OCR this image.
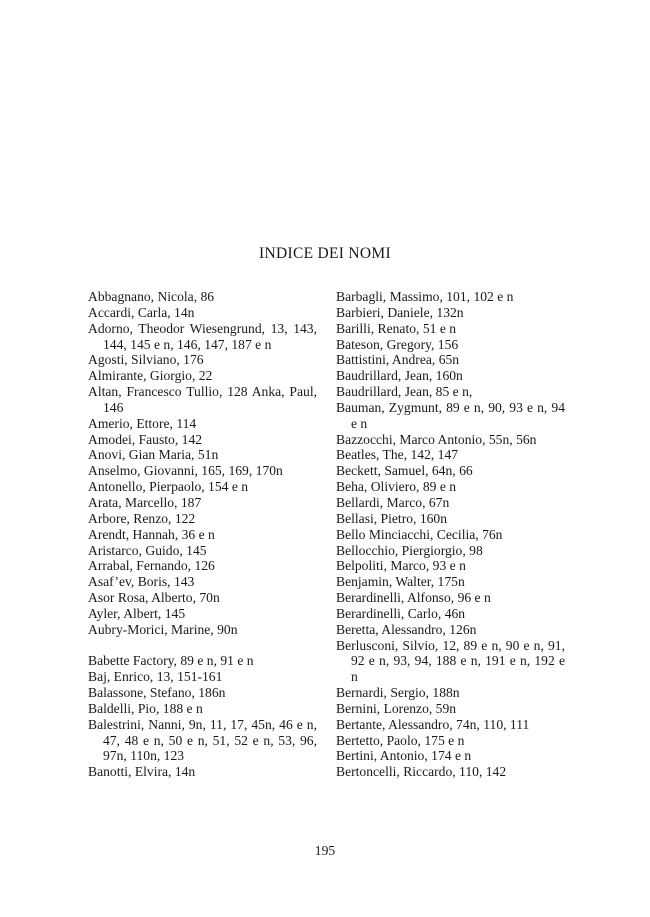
INDICE DEI NOMI
Abbagnano, Nicola, 86
Accardi, Carla, 14n
Adorno, Theodor Wiesengrund, 13, 143, 144, 145 e n, 146, 147, 187 e n
Agosti, Silviano, 176
Almirante, Giorgio, 22
Altan, Francesco Tullio, 128 Anka, Paul, 146
Amerio, Ettore, 114
Amodei, Fausto, 142
Anovi, Gian Maria, 51n
Anselmo, Giovanni, 165, 169, 170n
Antonello, Pierpaolo, 154 e n
Arata, Marcello, 187
Arbore, Renzo, 122
Arendt, Hannah, 36 e n
Aristarco, Guido, 145
Arrabal, Fernando, 126
Asaf’ev, Boris, 143
Asor Rosa, Alberto, 70n
Ayler, Albert, 145
Aubry-Morici, Marine, 90n
Babette Factory, 89 e n, 91 e n
Baj, Enrico, 13, 151-161
Balassone, Stefano, 186n
Baldelli, Pio, 188 e n
Balestrini, Nanni, 9n, 11, 17, 45n, 46 e n, 47, 48 e n, 50 e n, 51, 52 e n, 53, 96, 97n, 110n, 123
Banotti, Elvira, 14n
Barbagli, Massimo, 101, 102 e n
Barbieri, Daniele, 132n
Barilli, Renato, 51 e n
Bateson, Gregory, 156
Battistini, Andrea, 65n
Baudrillard, Jean, 160n
Baudrillard, Jean, 85 e n,
Bauman, Zygmunt, 89 e n, 90, 93 e n, 94 e n
Bazzocchi, Marco Antonio, 55n, 56n
Beatles, The, 142, 147
Beckett, Samuel, 64n, 66
Beha, Oliviero, 89 e n
Bellardi, Marco, 67n
Bellasi, Pietro, 160n
Bello Minciacchi, Cecilia, 76n
Bellocchio, Piergiorgio, 98
Belpoliti, Marco, 93 e n
Benjamin, Walter, 175n
Berardinelli, Alfonso, 96 e n
Berardinelli, Carlo, 46n
Beretta, Alessandro, 126n
Berlusconi, Silvio, 12, 89 e n, 90 e n, 91, 92 e n, 93, 94, 188 e n, 191 e n, 192 e n
Bernardi, Sergio, 188n
Bernini, Lorenzo, 59n
Bertante, Alessandro, 74n, 110, 111
Bertetto, Paolo, 175 e n
Bertini, Antonio, 174 e n
Bertoncelli, Riccardo, 110, 142
195
